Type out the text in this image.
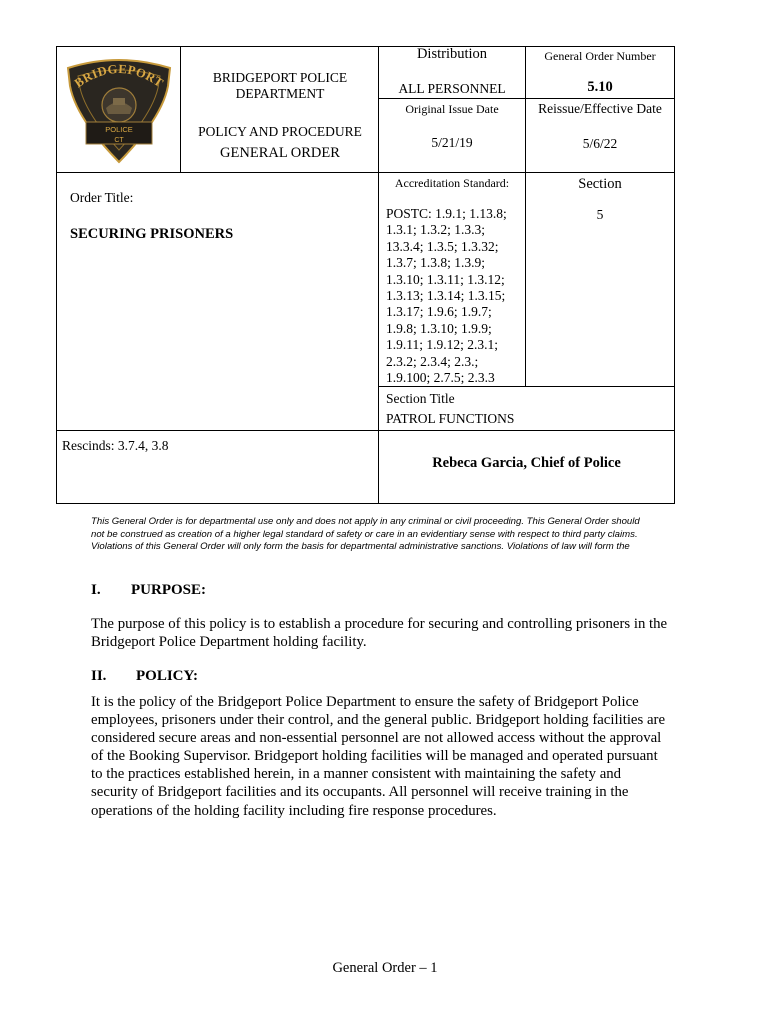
BRIDGEPORT
POLICE
CT
BRIDGEPORT POLICE
DEPARTMENT
POLICY AND PROCEDURE
GENERAL ORDER
Order Title:
SECURING PRISONERS
Rescinds: 3.7.4, 3.8
Distribution
ALL PERSONNEL
General Order Number
5.10
Original Issue Date
5/21/19
Reissue/Effective Date
5/6/22
Accreditation Standard:
POSTC: 1.9.1; 1.13.8;
1.3.1; 1.3.2; 1.3.3;
13.3.4; 1.3.5; 1.3.32;
1.3.7; 1.3.8; 1.3.9;
1.3.10; 1.3.11; 1.3.12;
1.3.13; 1.3.14; 1.3.15;
1.3.17; 1.9.6; 1.9.7;
1.9.8; 1.3.10; 1.9.9;
1.9.11; 1.9.12; 2.3.1;
2.3.2; 2.3.4; 2.3.;
1.9.100; 2.7.5; 2.3.3
Section
5
Section Title
PATROL FUNCTIONS
Rebeca Garcia, Chief of Police
This General Order is for departmental use only and does not apply in any criminal or civil proceeding. This General Order should
not be construed as creation of a higher legal standard of safety or care in an evidentiary sense with respect to third party claims.
Violations of this General Order will only form the basis for departmental administrative sanctions. Violations of law will form the
I. PURPOSE:
The purpose of this policy is to establish a procedure for securing and controlling prisoners in the
Bridgeport Police Department holding facility.
II. POLICY:
It is the policy of the Bridgeport Police Department to ensure the safety of Bridgeport Police
employees, prisoners under their control, and the general public. Bridgeport holding facilities are
considered secure areas and non-essential personnel are not allowed access without the approval
of the Booking Supervisor. Bridgeport holding facilities will be managed and operated pursuant
to the practices established herein, in a manner consistent with maintaining the safety and
security of Bridgeport facilities and its occupants. All personnel will receive training in the
operations of the holding facility including fire response procedures.
General Order – 1
